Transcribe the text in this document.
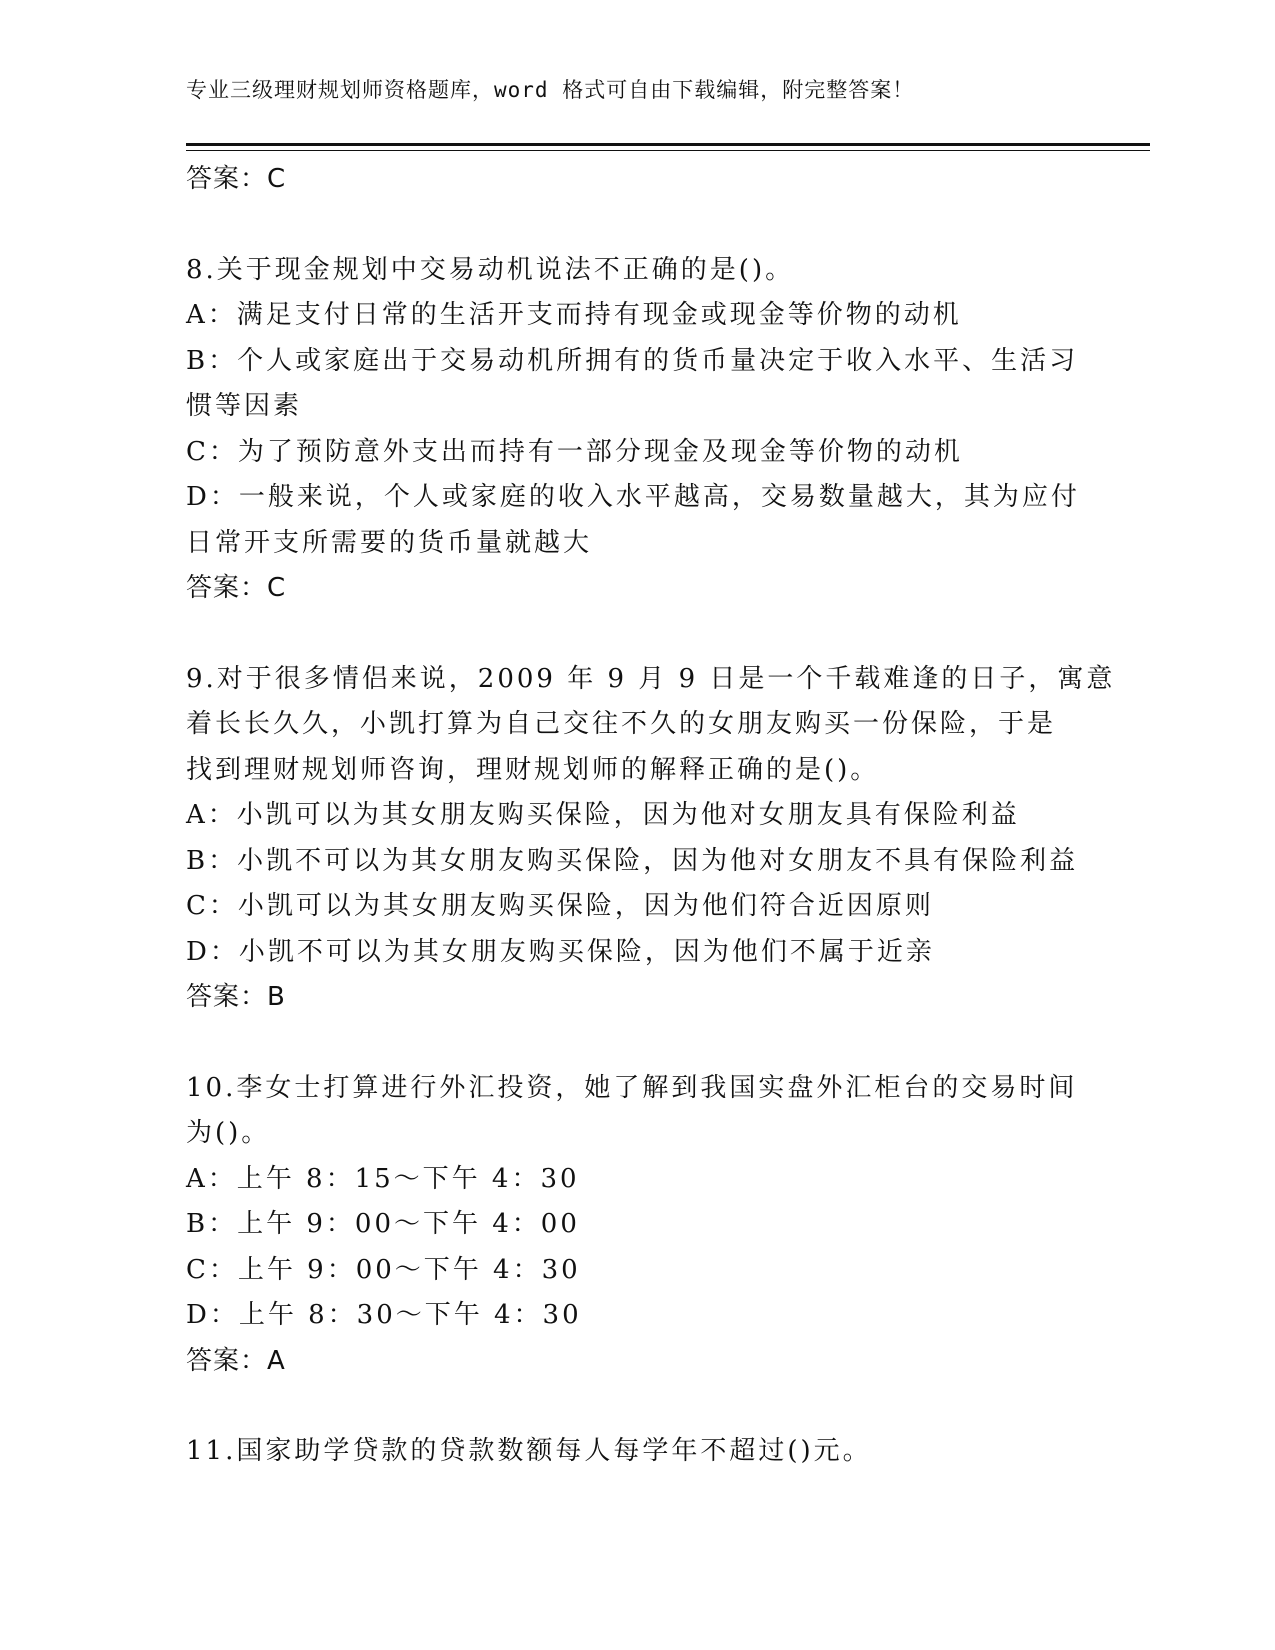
专业三级理财规划师资格题库，word 格式可自由下载编辑，附完整答案！
答案：C
8.关于现金规划中交易动机说法不正确的是()。
A：满足支付日常的生活开支而持有现金或现金等价物的动机
B：个人或家庭出于交易动机所拥有的货币量决定于收入水平、生活习
惯等因素
C：为了预防意外支出而持有一部分现金及现金等价物的动机
D：一般来说，个人或家庭的收入水平越高，交易数量越大，其为应付
日常开支所需要的货币量就越大
答案：C
9.对于很多情侣来说，2009 年 9 月 9 日是一个千载难逢的日子，寓意
着长长久久，小凯打算为自己交往不久的女朋友购买一份保险，于是
找到理财规划师咨询，理财规划师的解释正确的是()。
A：小凯可以为其女朋友购买保险，因为他对女朋友具有保险利益
B：小凯不可以为其女朋友购买保险，因为他对女朋友不具有保险利益
C：小凯可以为其女朋友购买保险，因为他们符合近因原则
D：小凯不可以为其女朋友购买保险，因为他们不属于近亲
答案：B
10.李女士打算进行外汇投资，她了解到我国实盘外汇柜台的交易时间
为()。
A：上午 8：15～下午 4：30
B：上午 9：00～下午 4：00
C：上午 9：00～下午 4：30
D：上午 8：30～下午 4：30
答案：A
11.国家助学贷款的贷款数额每人每学年不超过()元。
